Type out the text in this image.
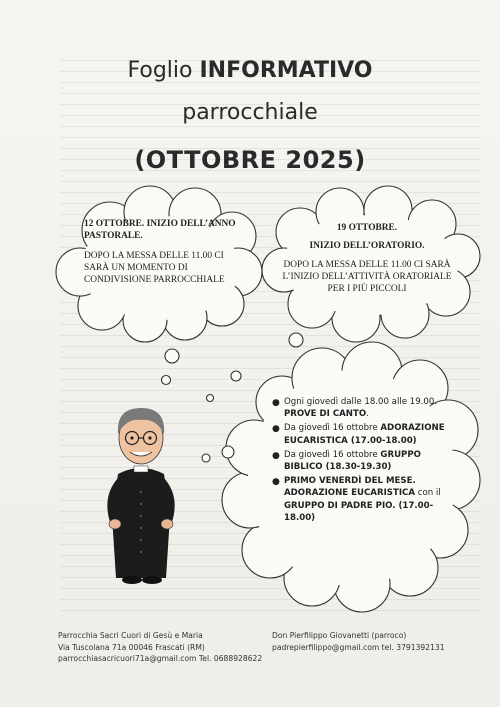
Foglio INFORMATIVO
parrocchiale
(OTTOBRE 2025)
12 OTTOBRE. INIZIO DELL’ANNO PASTORALE.
DOPO LA MESSA DELLE 11.00 CI SARÀ UN MOMENTO DI CONDIVISIONE PARROCCHIALE
19 OTTOBRE.
INIZIO DELL’ORATORIO.
DOPO LA MESSA DELLE 11.00 CI SARÀ L’INIZIO DELL’ATTIVITÀ ORATORIALE PER I PIÙ PICCOLI
● Ogni giovedì dalle 18.00 alle 19.00. PROVE DI CANTO.
● Da giovedì 16 ottobre ADORAZIONE EUCARISTICA (17.00-18.00)
● Da giovedì 16 ottobre GRUPPO BIBLICO (18.30-19.30)
● PRIMO VENERDÌ DEL MESE. ADORAZIONE EUCARISTICA con il GRUPPO DI PADRE PIO. (17.00-18.00)
Parrocchia Sacri Cuori di Gesù e Maria
Via Tuscolana 71a 00046 Frascati (RM)
parrocchiasacricuori71a@gmail.com Tel. 0688928622
Don Pierfilippo Giovanetti (parroco)
padrepierfilippo@gmail.com tel. 3791392131
